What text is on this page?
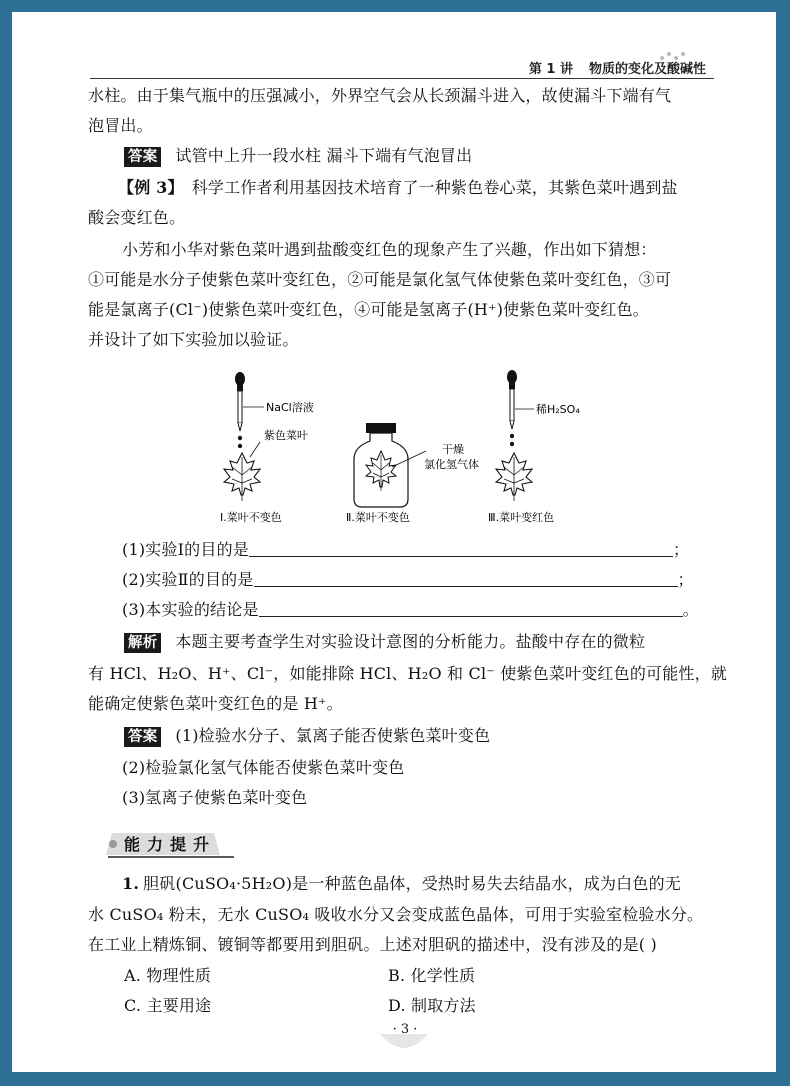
第 1 讲 物质的变化及酸碱性
水柱。由于集气瓶中的压强减小，外界空气会从长颈漏斗进入，故使漏斗下端有气
泡冒出。
答案 试管中上升一段水柱 漏斗下端有气泡冒出
【例 3】 科学工作者利用基因技术培育了一种紫色卷心菜，其紫色菜叶遇到盐
酸会变红色。
小芳和小华对紫色菜叶遇到盐酸变红色的现象产生了兴趣，作出如下猜想：
①可能是水分子使紫色菜叶变红色，②可能是氯化氢气体使紫色菜叶变红色，③可
能是氯离子(Cl⁻)使紫色菜叶变红色，④可能是氢离子(H⁺)使紫色菜叶变红色。
并设计了如下实验加以验证。
NaCl溶液
紫色菜叶
Ⅰ.菜叶不变色
干燥
氯化氢气体
Ⅱ.菜叶不变色
稀H₂SO₄
Ⅲ.菜叶变红色
(1)实验Ⅰ的目的是	；
(2)实验Ⅱ的目的是	；
(3)本实验的结论是	。
解析 本题主要考查学生对实验设计意图的分析能力。盐酸中存在的微粒
有 HCl、H₂O、H⁺、Cl⁻，如能排除 HCl、H₂O 和 Cl⁻ 使紫色菜叶变红色的可能性，就
能确定使紫色菜叶变红色的是 H⁺。
答案 (1)检验水分子、氯离子能否使紫色菜叶变色
(2)检验氯化氢气体能否使紫色菜叶变色
(3)氢离子使紫色菜叶变色
能力提升
1. 胆矾(CuSO₄·5H₂O)是一种蓝色晶体，受热时易失去结晶水，成为白色的无
水 CuSO₄ 粉末，无水 CuSO₄ 吸收水分又会变成蓝色晶体，可用于实验室检验水分。
在工业上精炼铜、镀铜等都要用到胆矾。上述对胆矾的描述中，没有涉及的是( )
A. 物理性质	B. 化学性质
C. 主要用途	D. 制取方法
· 3 ·
